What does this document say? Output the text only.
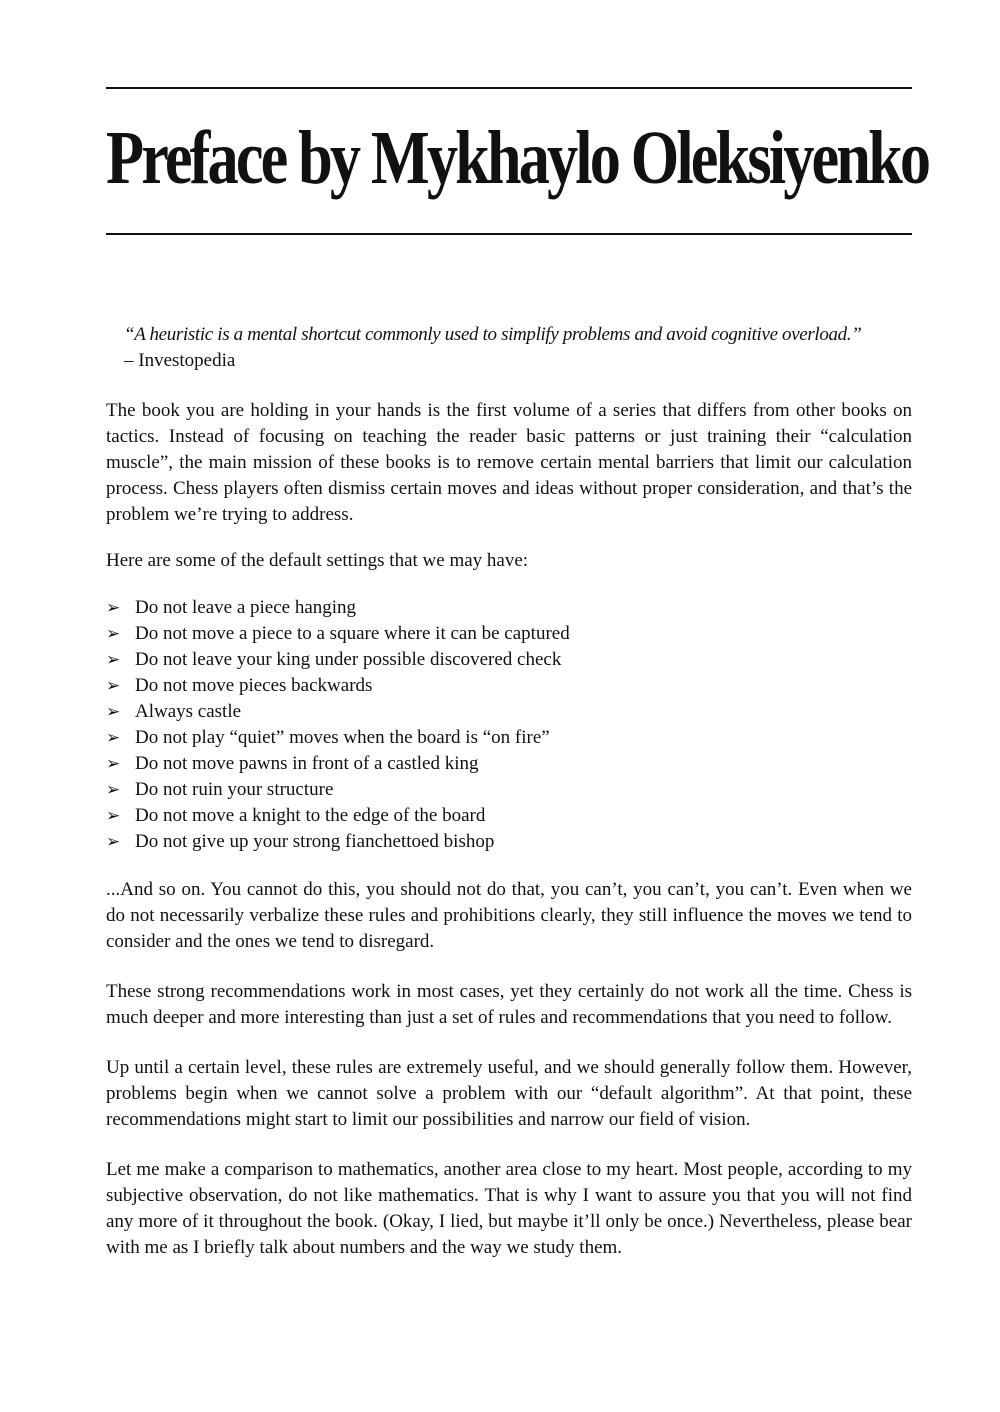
Preface by Mykhaylo Oleksiyenko
“A heuristic is a mental shortcut commonly used to simplify problems and avoid cognitive overload.”
– Investopedia

The book you are holding in your hands is the first volume of a series that differs from other books on tactics. Instead of focusing on teaching the reader basic patterns or just training their “calculation muscle”, the main mission of these books is to remove certain mental barriers that limit our calculation process. Chess players often dismiss certain moves and ideas without proper consideration, and that’s the problem we’re trying to address.

Here are some of the default settings that we may have:

➢ Do not leave a piece hanging
➢ Do not move a piece to a square where it can be captured
➢ Do not leave your king under possible discovered check
➢ Do not move pieces backwards
➢ Always castle
➢ Do not play “quiet” moves when the board is “on fire”
➢ Do not move pawns in front of a castled king
➢ Do not ruin your structure
➢ Do not move a knight to the edge of the board
➢ Do not give up your strong fianchettoed bishop

...And so on. You cannot do this, you should not do that, you can’t, you can’t, you can’t. Even when we do not necessarily verbalize these rules and prohibitions clearly, they still influence the moves we tend to consider and the ones we tend to disregard.

These strong recommendations work in most cases, yet they certainly do not work all the time. Chess is much deeper and more interesting than just a set of rules and recommendations that you need to follow.

Up until a certain level, these rules are extremely useful, and we should generally follow them. However, problems begin when we cannot solve a problem with our “default algorithm”. At that point, these recommendations might start to limit our possibilities and narrow our field of vision.

Let me make a comparison to mathematics, another area close to my heart. Most people, according to my subjective observation, do not like mathematics. That is why I want to assure you that you will not find any more of it throughout the book. (Okay, I lied, but maybe it’ll only be once.) Nevertheless, please bear with me as I briefly talk about numbers and the way we study them.
